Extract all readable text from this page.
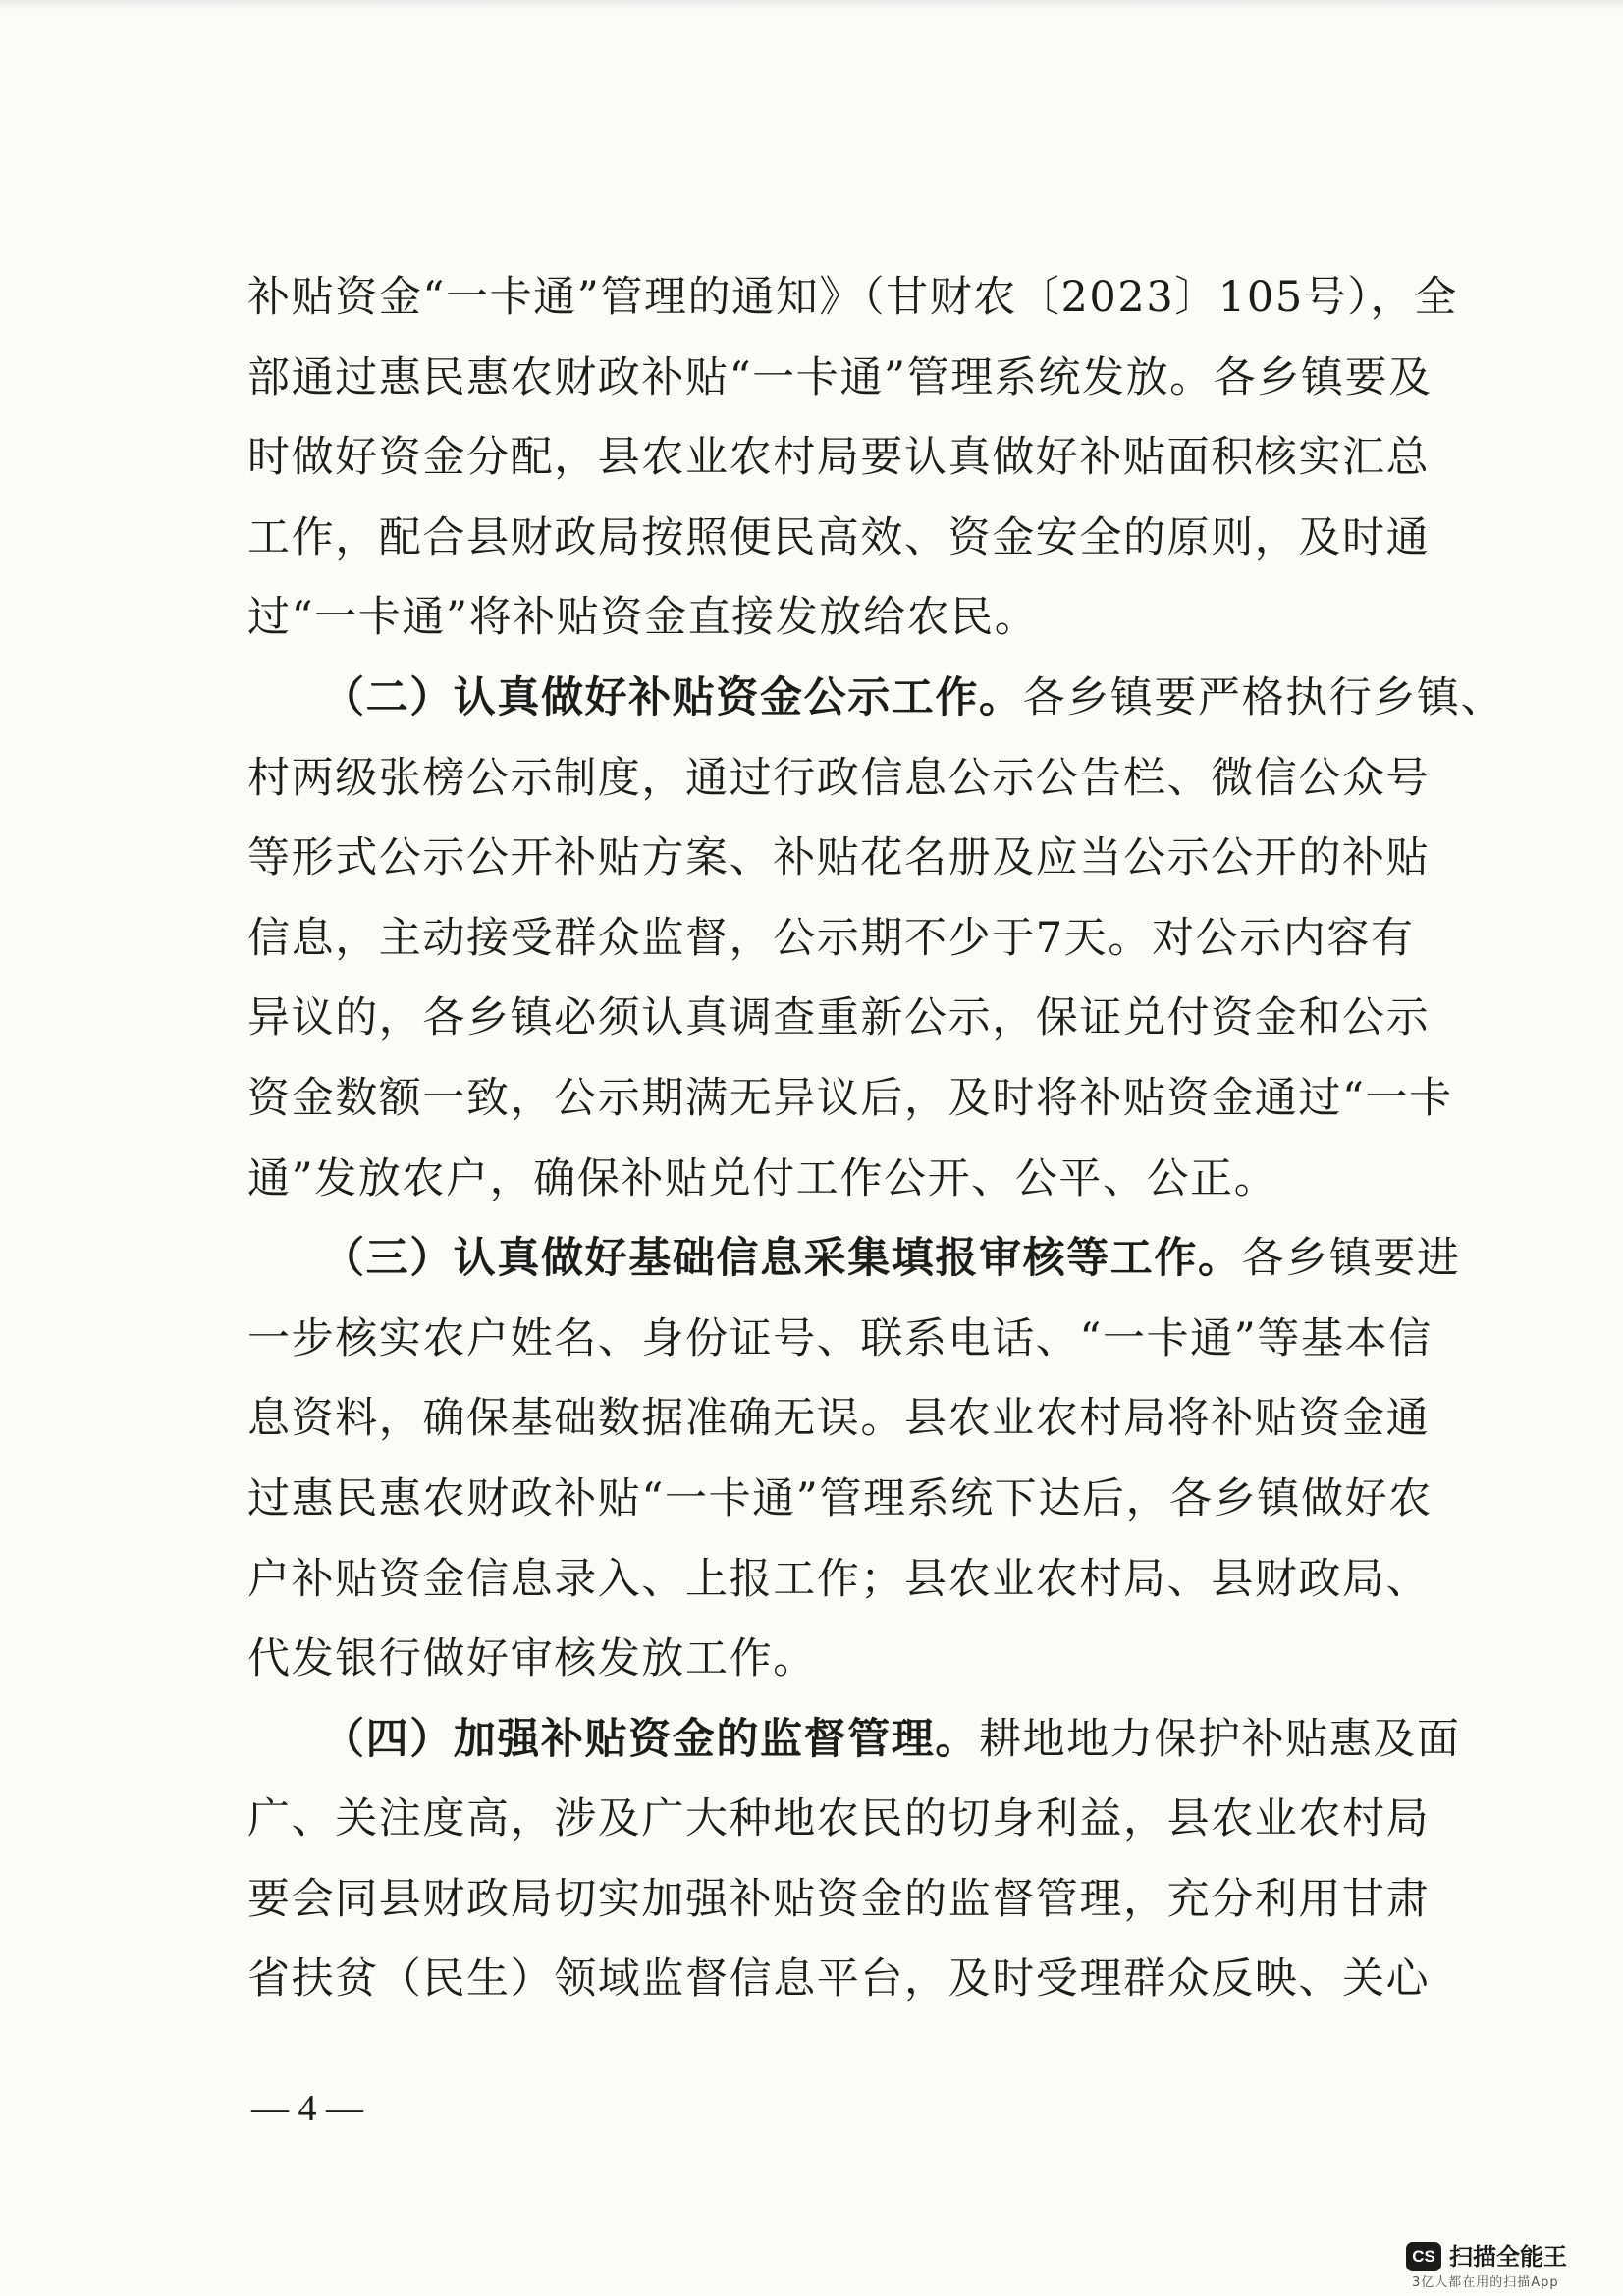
补贴资金“一卡通”管理的通知》（甘财农〔2023〕105号），全
部通过惠民惠农财政补贴“一卡通”管理系统发放。各乡镇要及
时做好资金分配，县农业农村局要认真做好补贴面积核实汇总
工作，配合县财政局按照便民高效、资金安全的原则，及时通
过“一卡通”将补贴资金直接发放给农民。
（二）认真做好补贴资金公示工作。各乡镇要严格执行乡镇、
村两级张榜公示制度，通过行政信息公示公告栏、微信公众号
等形式公示公开补贴方案、补贴花名册及应当公示公开的补贴
信息，主动接受群众监督，公示期不少于7天。对公示内容有
异议的，各乡镇必须认真调查重新公示，保证兑付资金和公示
资金数额一致，公示期满无异议后，及时将补贴资金通过“一卡
通”发放农户，确保补贴兑付工作公开、公平、公正。
（三）认真做好基础信息采集填报审核等工作。各乡镇要进
一步核实农户姓名、身份证号、联系电话、“一卡通”等基本信
息资料，确保基础数据准确无误。县农业农村局将补贴资金通
过惠民惠农财政补贴“一卡通”管理系统下达后，各乡镇做好农
户补贴资金信息录入、上报工作；县农业农村局、县财政局、
代发银行做好审核发放工作。
（四）加强补贴资金的监督管理。耕地地力保护补贴惠及面
广、关注度高，涉及广大种地农民的切身利益，县农业农村局
要会同县财政局切实加强补贴资金的监督管理，充分利用甘肃
省扶贫（民生）领域监督信息平台，及时受理群众反映、关心
— 4 —
CS 扫描全能王
3亿人都在用的扫描App
